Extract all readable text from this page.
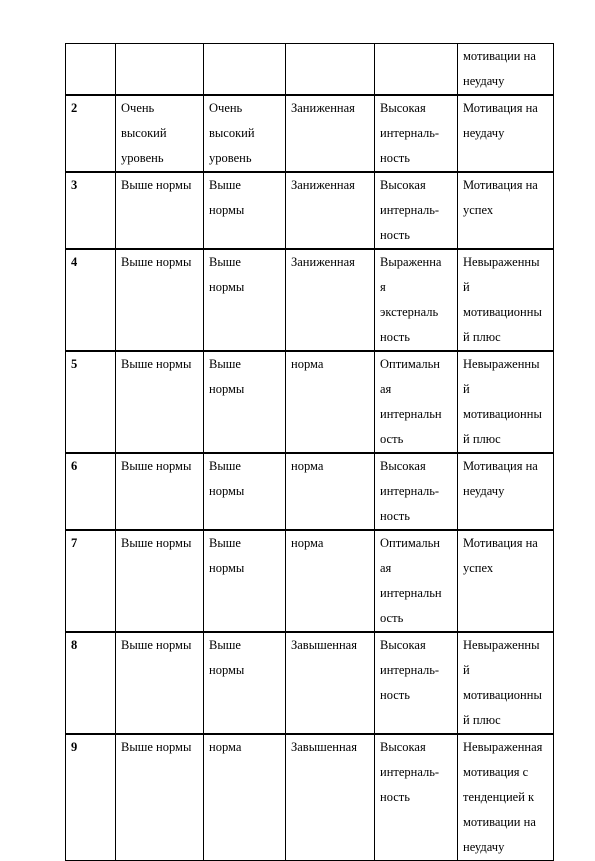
					мотивации на
неудачу
2	Очень
высокий
уровень	Очень
высокий
уровень	Заниженная	Высокая
интерналь-
ность	Мотивация на
неудачу
3	Выше нормы	Выше
нормы	Заниженная	Высокая
интерналь-
ность	Мотивация на
успех
4	Выше нормы	Выше
нормы	Заниженная	Выраженна
я
экстерналь
ность	Невыраженны
й
мотивационны
й плюс
5	Выше нормы	Выше
нормы	норма	Оптимальн
ая
интернальн
ость	Невыраженны
й
мотивационны
й плюс
6	Выше нормы	Выше
нормы	норма	Высокая
интерналь-
ность	Мотивация на
неудачу
7	Выше нормы	Выше
нормы	норма	Оптимальн
ая
интернальн
ость	Мотивация на
успех
8	Выше нормы	Выше
нормы	Завышенная	Высокая
интерналь-
ность	Невыраженны
й
мотивационны
й плюс
9	Выше нормы	норма	Завышенная	Высокая
интерналь-
ность	Невыраженная
мотивация с
тенденцией к
мотивации на
неудачу
